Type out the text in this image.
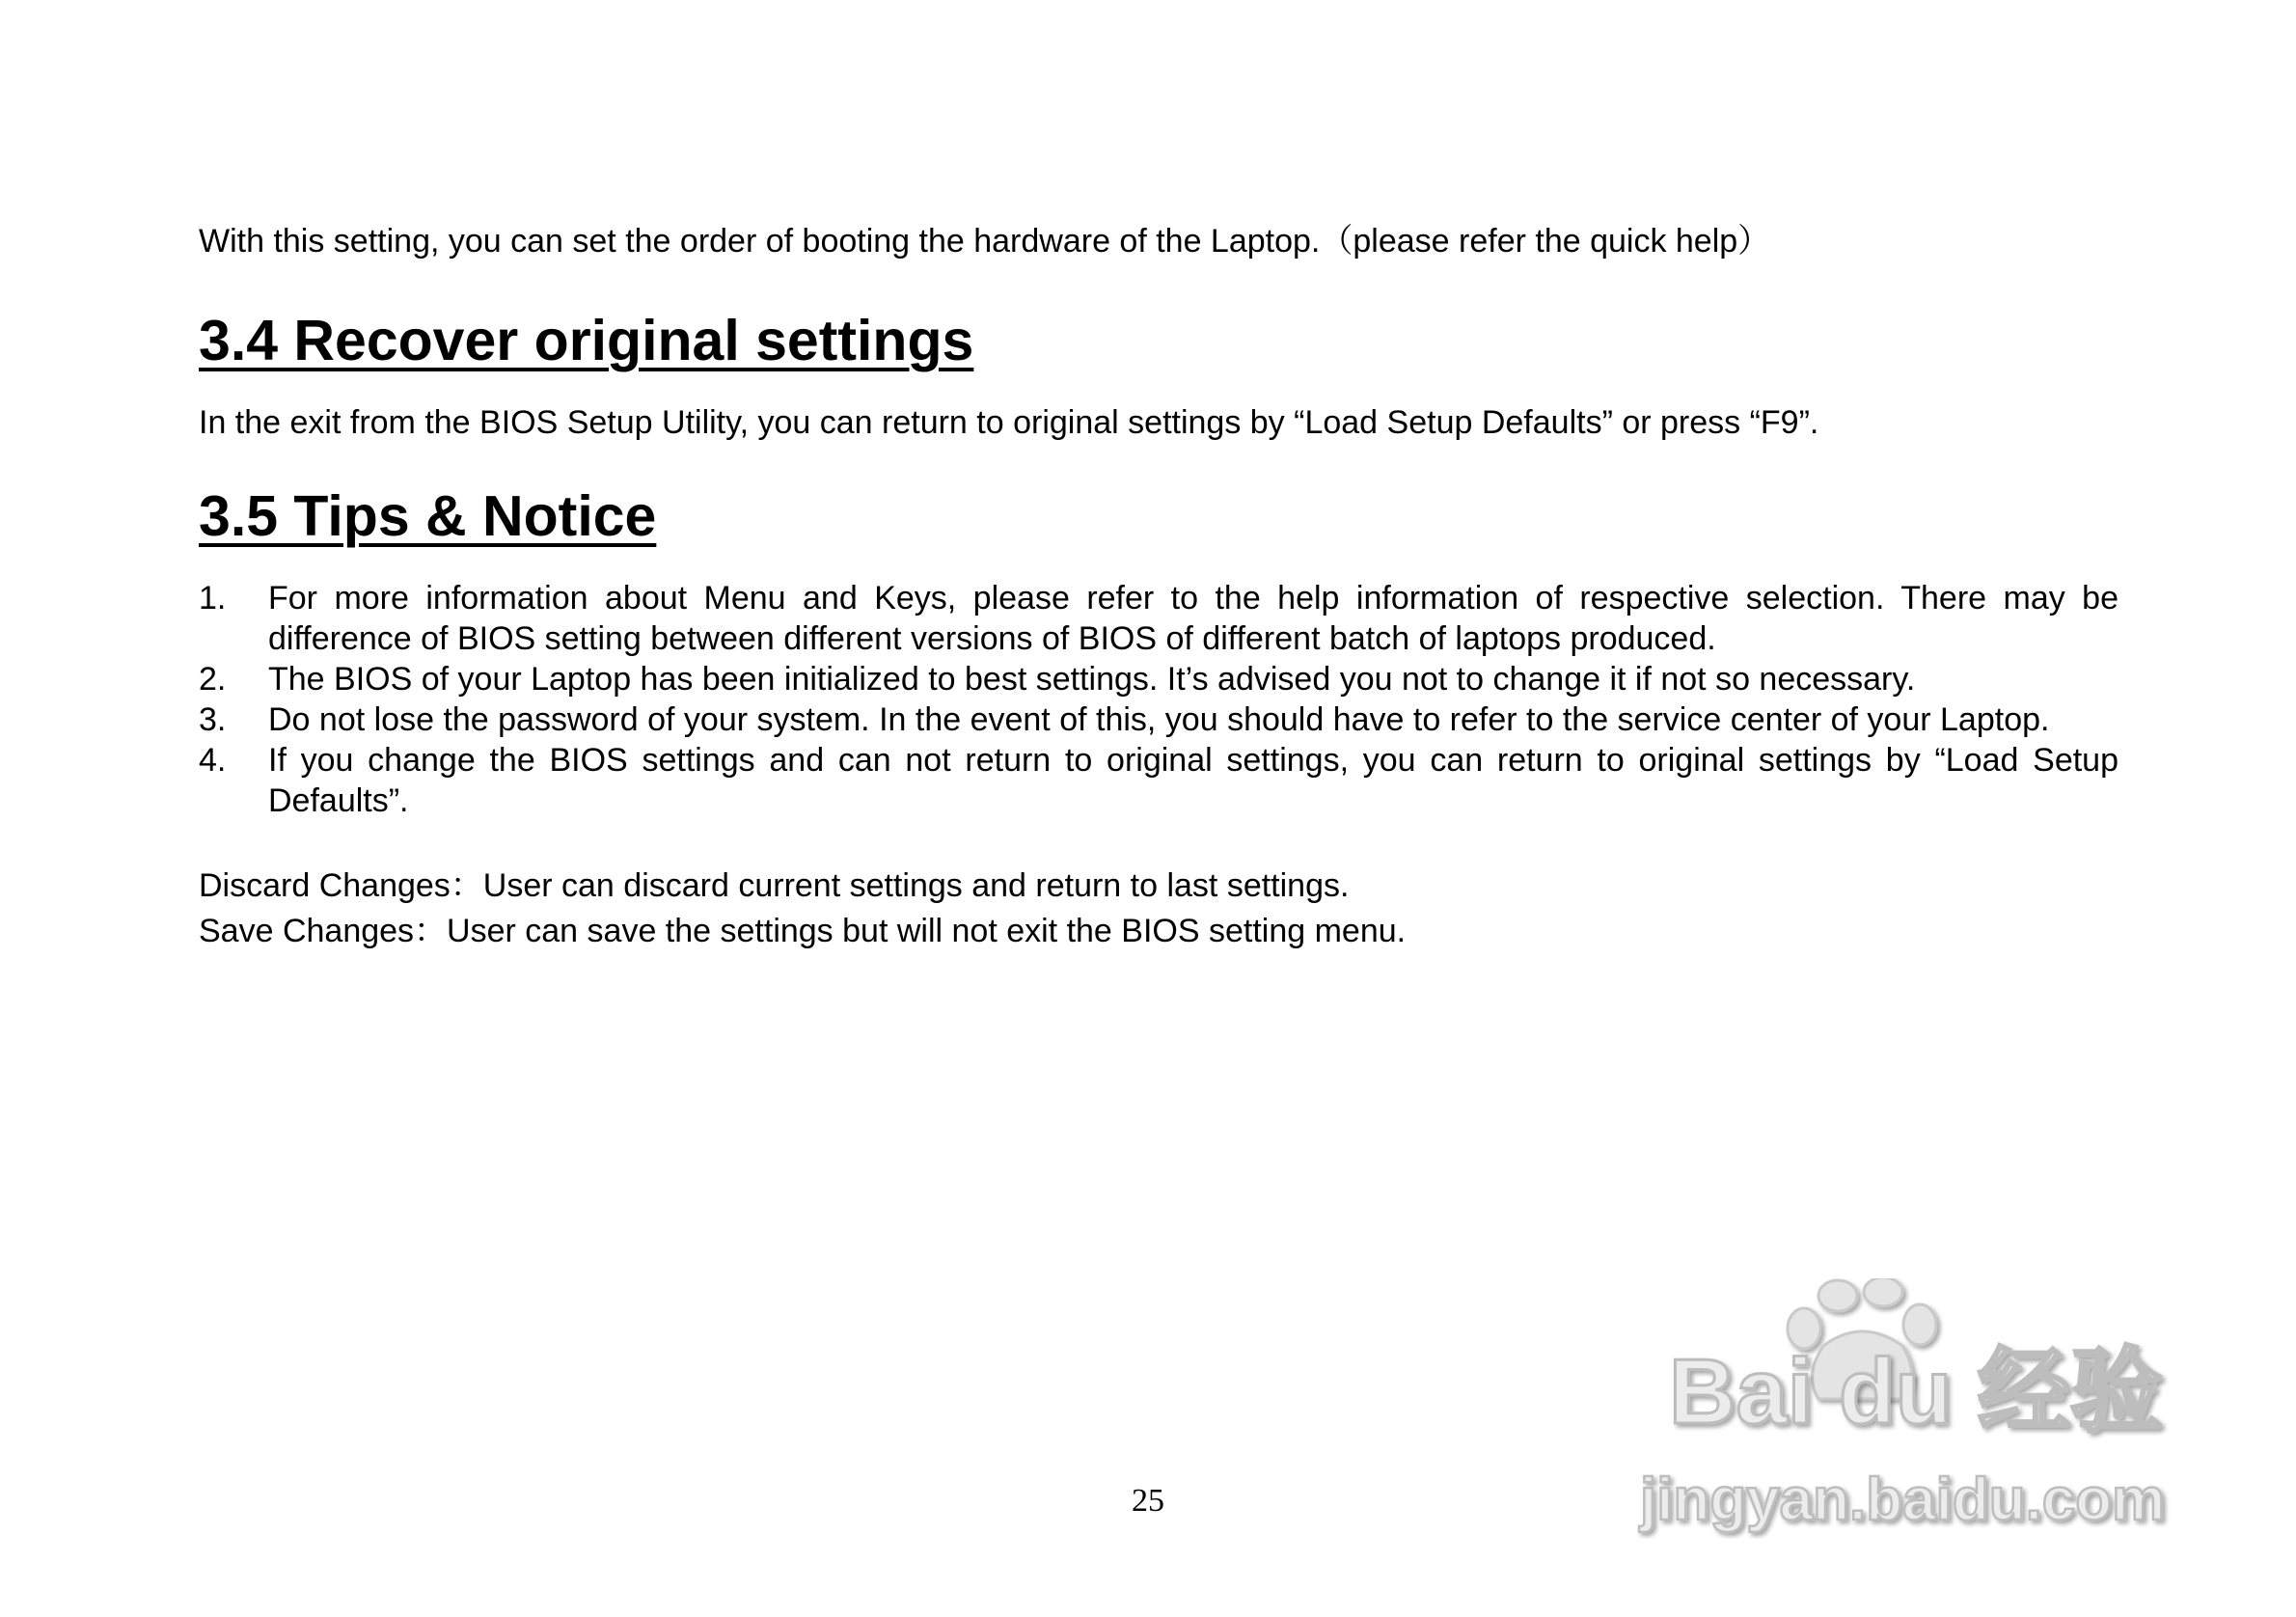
With this setting, you can set the order of booting the hardware of the Laptop.（please refer the quick help）

3.4 Recover original settings

In the exit from the BIOS Setup Utility, you can return to original settings by “Load Setup Defaults” or press “F9”.

3.5 Tips & Notice
1.	For more information about Menu and Keys, please refer to the help information of respective selection. There may be difference of BIOS setting between different versions of BIOS of different batch of laptops produced.
2.	The BIOS of your Laptop has been initialized to best settings. It’s advised you not to change it if not so necessary.
3.	Do not lose the password of your system. In the event of this, you should have to refer to the service center of your Laptop.
4.	If you change the BIOS settings and can not return to original settings, you can return to original settings by “Load Setup Defaults”.

Discard Changes：User can discard current settings and return to last settings.

Save Changes：User can save the settings but will not exit the BIOS setting menu.

25
Bai du 经验
jingyan.baidu.com
